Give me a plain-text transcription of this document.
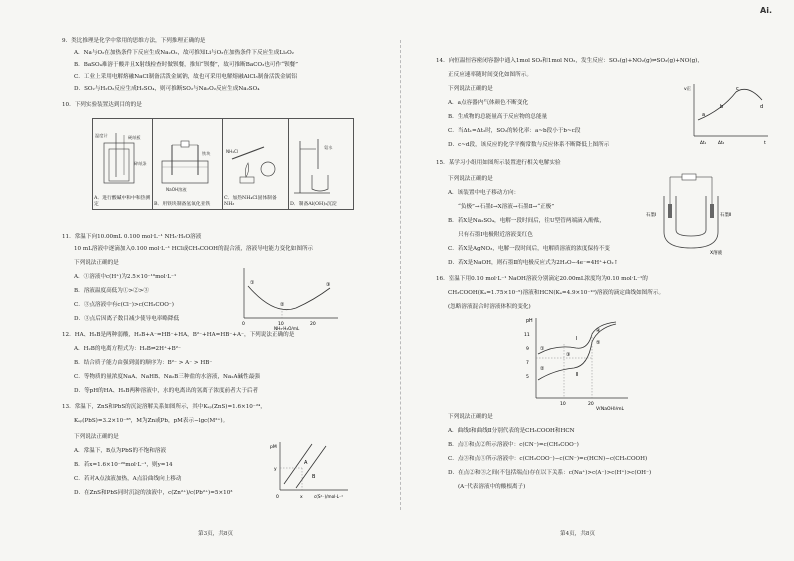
Ai.
9．类比推理是化学中常用的思维方法，下列推理正确的是
A．Na与O₂在加热条件下反应生成Na₂O₂，故可推知Li与O₂在加热条件下反应生成Li₂O₂
B．BaSO₄难溶于酸并且X射线检查时做钡餐，推知“钡餐”，故可推断BaCO₃也可作“钡餐”
C．工业上采用电解熔融NaCl制备活泼金属钠，故也可采用电解熔融AlCl₃制备活泼金属铝
D．SO₂与H₂O₂反应生成H₂SO₄，则可推断SO₂与Na₂O₂反应生成Na₂SO₄
10．下列实验装置达到目的的是
温度计	硬纸板
碎纸条
A．进行酸碱中和中和热测定

NaOH溶液
铁块
B．用铁块制备氢氧化亚铁

NH₄Cl
C．加热NH₄Cl固体制备NH₃

氨水
D．制备Al(OH)₃沉淀
11．常温下向10.00mL 0.100 mol·L⁻¹ NH₃·H₂O溶液
10 mL溶液中逐滴加入0.100 mol·L⁻¹ HCl或CH₃COOH的混合液，溶液导电能力变化如图所示
下列说法正确的是
A．①溶液中c(H⁺)为2.5×10⁻¹⁰mol·L⁻¹
B．溶液温度高低为①>②>③
C．③点溶液中有c(Cl⁻)>c(CH₃COO⁻)
D．③点后因离子数目减少使导电率略降低
0	10	20
①
②
③
NH₃·H₂O/mL
12．HA、H₂B是两种弱酸，H₂B+A⁻=HB⁻+HA，B²⁻+HA=HB⁻+A⁻，下列说法正确的是
A．H₂B的电离方程式为：H₂B⇌2H⁺+B²⁻
B．结合质子能力由强到弱的顺序为：B²⁻ > A⁻ > HB⁻
C．等物质的量浓度NaA、NaHB、Na₂B三种盐的水溶液，Na₂A碱性最强
D．等pH的HA、H₂B两种溶液中，水的电离出的氢离子浓度前者大于后者
13．常温下，ZnS和PbS的沉淀溶解关系如图所示，其中Kₛₚ(ZnS)=1.6×10⁻²⁴，
Kₛₚ(PbS)=3.2×10⁻²⁸，M为Zn或Pb，pM表示−lgc(M²⁺)。
下列说法正确的是
A．常温下，B点为PbS的不饱和溶液
B．若x=1.6×10⁻²⁰mol·L⁻¹，则y=14
C．若对A点浊液加热，A点沿曲线向上移动
D．在ZnS和PbS同时沉淀的浊液中，c(Zn²⁺)/c(Pb²⁺)=5×10³
pM
0	x
y
A
B
c(S²⁻)/mol·L⁻¹
第3页，共8页
14．向恒温恒容密闭容器中通入1mol SO₂和1mol NO₂，发生反应：SO₂(g)+NO₂(g)⇌SO₃(g)+NO(g)，
正反应速率随时间变化如图所示。
下列说法正确的是
A．a点容器内气体颜色不断变化
B．生成物的总能量高于反应物的总能量
C．当Δt₁=Δt₂时，SO₂的转化率：a~b段小于b~c段
D．c~d段，该反应的化学平衡常数与反应体系不断降低上图所示
v正
a
b
c
d
t
Δt₁	Δt₂
15．某学习小组用如图所示装置进行相关电解实验
下列说法正确的是
A．该装置中电子移动方向：
“负极”→石墨Ⅰ→X溶液→石墨Ⅱ→“正极”
B．若X是Na₂SO₄，电解一段时间后，往U型管两端滴入酚酞，
只有石墨Ⅰ电极附近溶液变红色
C．若X是AgNO₃，电解一段时间后，电解质溶液的浓度保持不变
D．若X是NaOH，则石墨Ⅱ的电极反应式为2H₂O−4e⁻=4H⁺+O₂↑
石墨Ⅰ	石墨Ⅱ
X溶液
16．室温下用0.10 mol·L⁻¹ NaOH溶液分别滴定20.00mL浓度均为0.10 mol·L⁻¹的
CH₃COOH(Kₐ=1.75×10⁻⁵)溶液和HCN(Kₐ=4.9×10⁻¹⁰)溶液的滴定曲线如图所示。
(忽略溶液混合时溶液体积的变化)
pH
11
9
7
5
10	20
Ⅰ
Ⅱ
①
②
③
④
⑤
V(NaOH)/mL
下列说法正确的是
A．曲线Ⅰ和曲线Ⅱ分别代表的是CH₃COOH和HCN
B．点①和点②所示溶液中：c(CN⁻)=c(CH₃COO⁻)
C．点③和点⑤所示溶液中：c(CH₃COO⁻)−c(CN⁻)=c(HCN)−c(CH₃COOH)
D．在点②和③之间(不包括端点)存在以下关系：c(Na⁺)>c(A⁻)>c(H⁺)>c(OH⁻)
(A⁻代表溶液中的酸根离子)
第4页，共8页
